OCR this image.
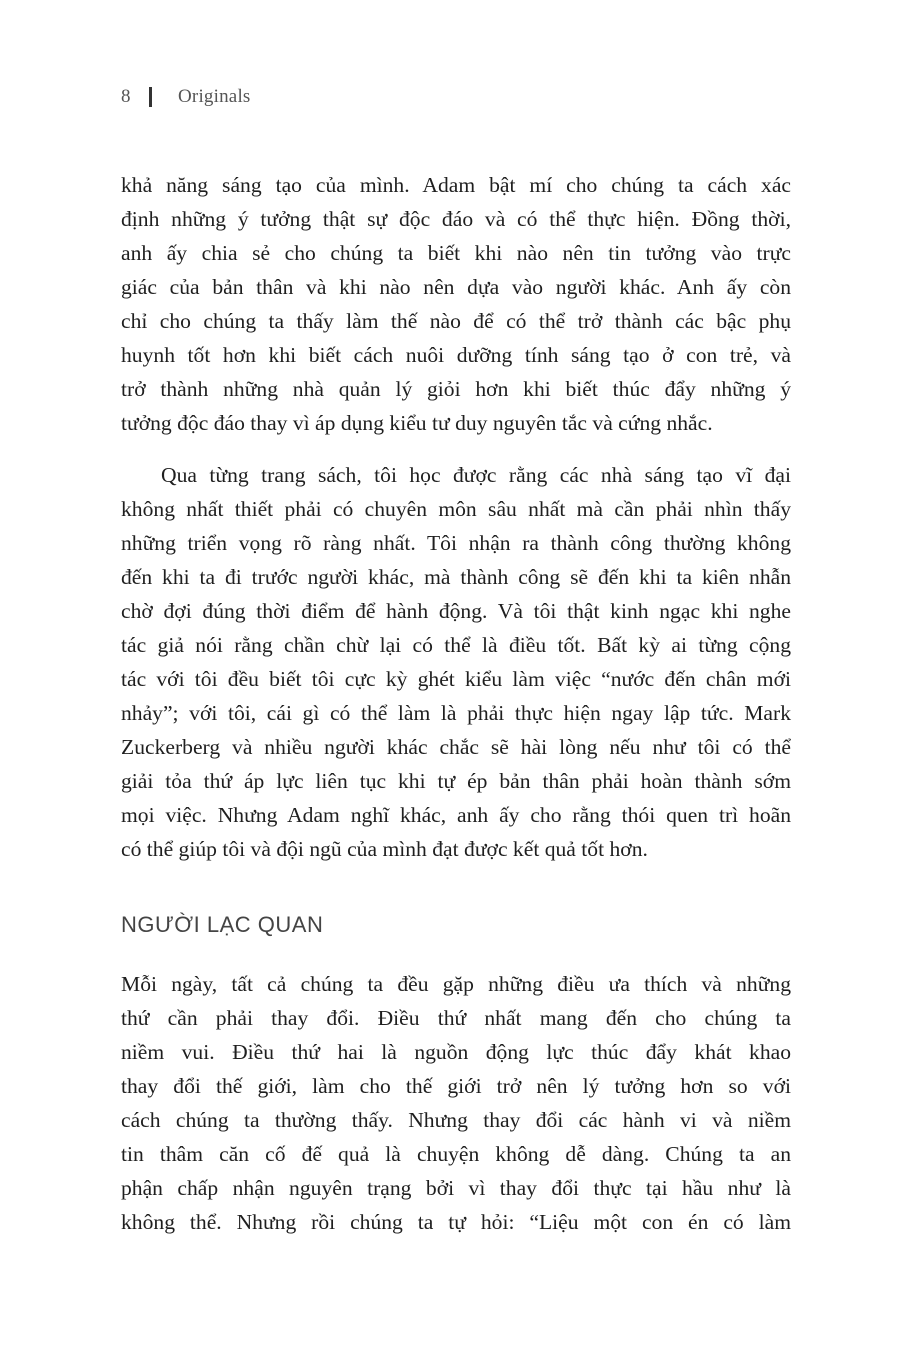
8	Originals

khả năng sáng tạo của mình. Adam bật mí cho chúng ta cách xác
định những ý tưởng thật sự độc đáo và có thể thực hiện. Đồng thời,
anh ấy chia sẻ cho chúng ta biết khi nào nên tin tưởng vào trực
giác của bản thân và khi nào nên dựa vào người khác. Anh ấy còn
chỉ cho chúng ta thấy làm thế nào để có thể trở thành các bậc phụ
huynh tốt hơn khi biết cách nuôi dưỡng tính sáng tạo ở con trẻ, và
trở thành những nhà quản lý giỏi hơn khi biết thúc đẩy những ý
tưởng độc đáo thay vì áp dụng kiểu tư duy nguyên tắc và cứng nhắc.

Qua từng trang sách, tôi học được rằng các nhà sáng tạo vĩ đại
không nhất thiết phải có chuyên môn sâu nhất mà cần phải nhìn thấy
những triển vọng rõ ràng nhất. Tôi nhận ra thành công thường không
đến khi ta đi trước người khác, mà thành công sẽ đến khi ta kiên nhẫn
chờ đợi đúng thời điểm để hành động. Và tôi thật kinh ngạc khi nghe
tác giả nói rằng chần chừ lại có thể là điều tốt. Bất kỳ ai từng cộng
tác với tôi đều biết tôi cực kỳ ghét kiểu làm việc “nước đến chân mới
nhảy”; với tôi, cái gì có thể làm là phải thực hiện ngay lập tức. Mark
Zuckerberg và nhiều người khác chắc sẽ hài lòng nếu như tôi có thể
giải tỏa thứ áp lực liên tục khi tự ép bản thân phải hoàn thành sớm
mọi việc. Nhưng Adam nghĩ khác, anh ấy cho rằng thói quen trì hoãn
có thể giúp tôi và đội ngũ của mình đạt được kết quả tốt hơn.

NGƯỜI LẠC QUAN

Mỗi ngày, tất cả chúng ta đều gặp những điều ưa thích và những
thứ cần phải thay đổi. Điều thứ nhất mang đến cho chúng ta
niềm vui. Điều thứ hai là nguồn động lực thúc đẩy khát khao
thay đổi thế giới, làm cho thế giới trở nên lý tưởng hơn so với
cách chúng ta thường thấy. Nhưng thay đổi các hành vi và niềm
tin thâm căn cố đế quả là chuyện không dễ dàng. Chúng ta an
phận chấp nhận nguyên trạng bởi vì thay đổi thực tại hầu như là
không thể. Nhưng rồi chúng ta tự hỏi: “Liệu một con én có làm
